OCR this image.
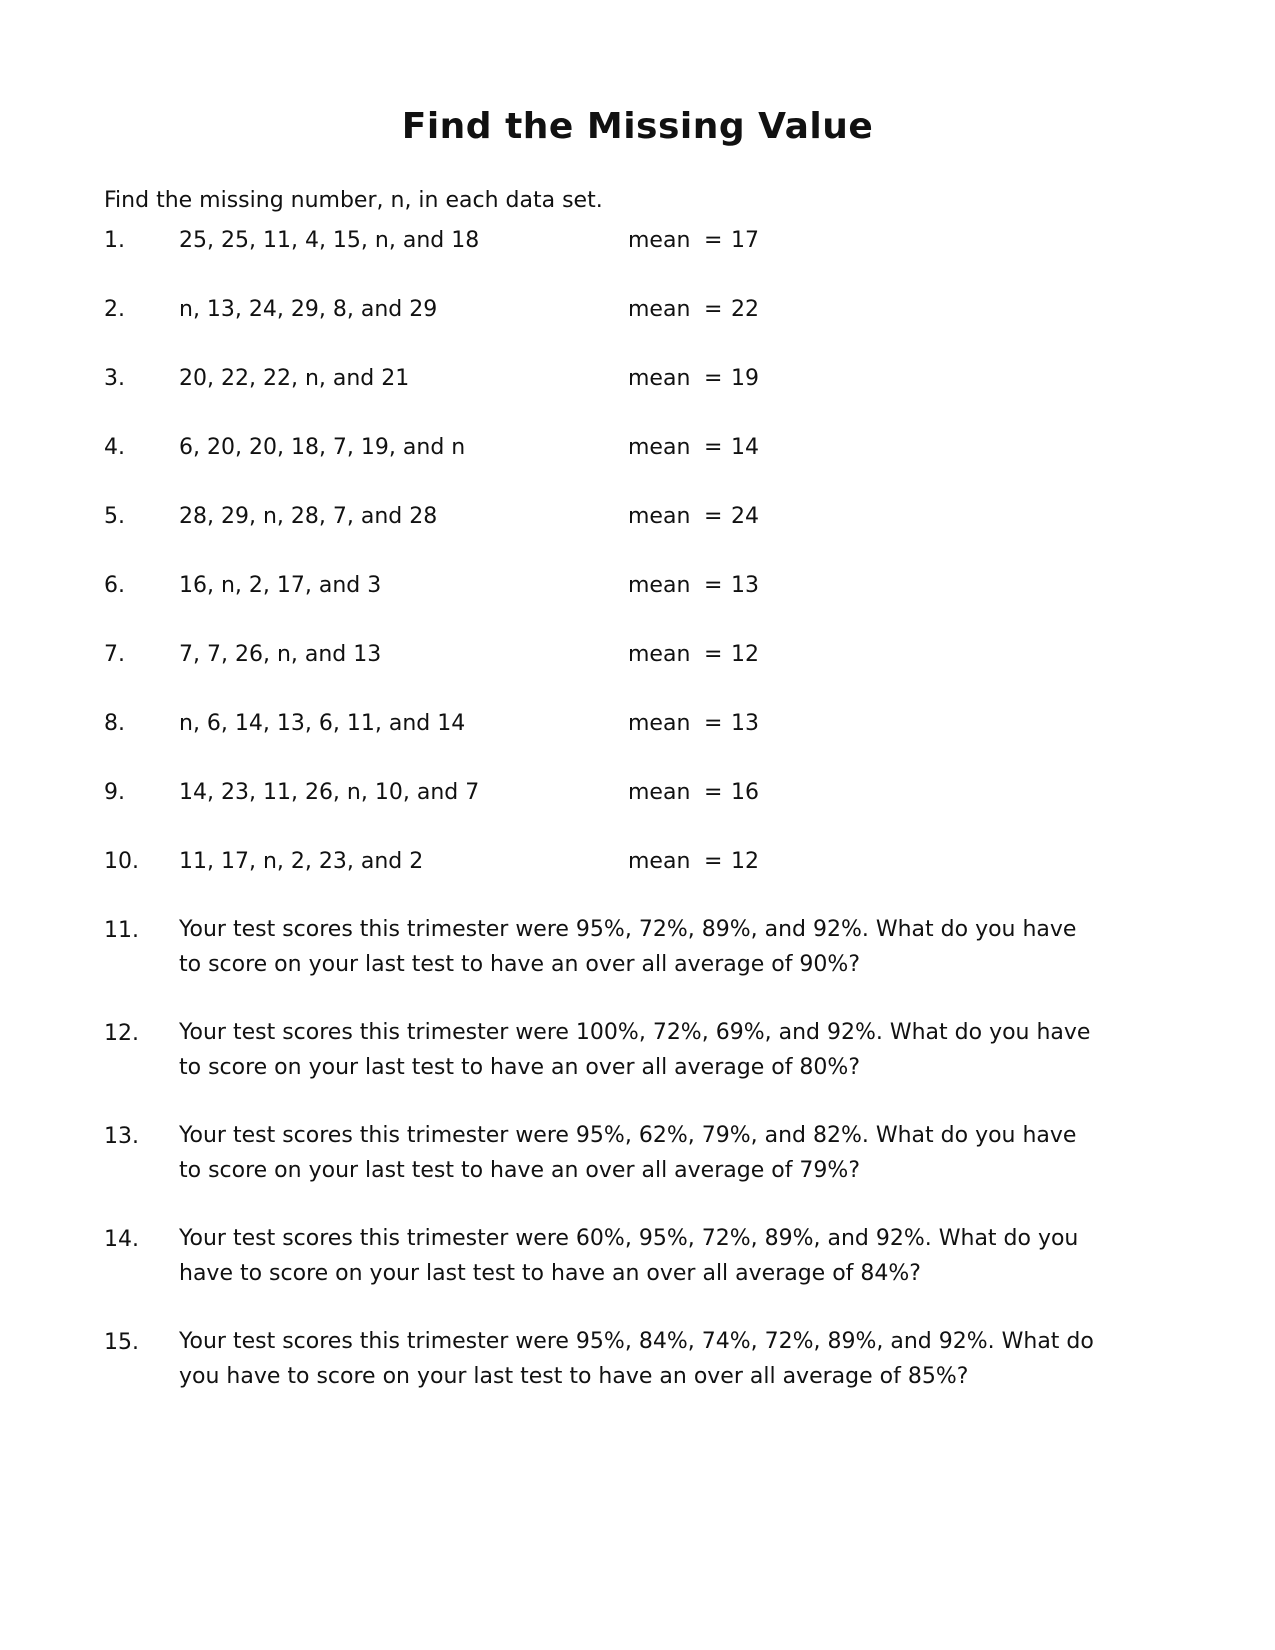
Find the Missing Value
Find the missing number, n, in each data set.
1. 25, 25, 11, 4, 15, n, and 18	mean = 17
2. n, 13, 24, 29, 8, and 29	mean = 22
3. 20, 22, 22, n, and 21	mean = 19
4. 6, 20, 20, 18, 7, 19, and n	mean = 14
5. 28, 29, n, 28, 7, and 28	mean = 24
6. 16, n, 2, 17, and 3	mean = 13
7. 7, 7, 26, n, and 13	mean = 12
8. n, 6, 14, 13, 6, 11, and 14	mean = 13
9. 14, 23, 11, 26, n, 10, and 7	mean = 16
10. 11, 17, n, 2, 23, and 2	mean = 12
11. Your test scores this trimester were 95%, 72%, 89%, and 92%. What do you have
to score on your last test to have an over all average of 90%?
12. Your test scores this trimester were 100%, 72%, 69%, and 92%. What do you have
to score on your last test to have an over all average of 80%?
13. Your test scores this trimester were 95%, 62%, 79%, and 82%. What do you have
to score on your last test to have an over all average of 79%?
14. Your test scores this trimester were 60%, 95%, 72%, 89%, and 92%. What do you
have to score on your last test to have an over all average of 84%?
15. Your test scores this trimester were 95%, 84%, 74%, 72%, 89%, and 92%. What do
you have to score on your last test to have an over all average of 85%?
